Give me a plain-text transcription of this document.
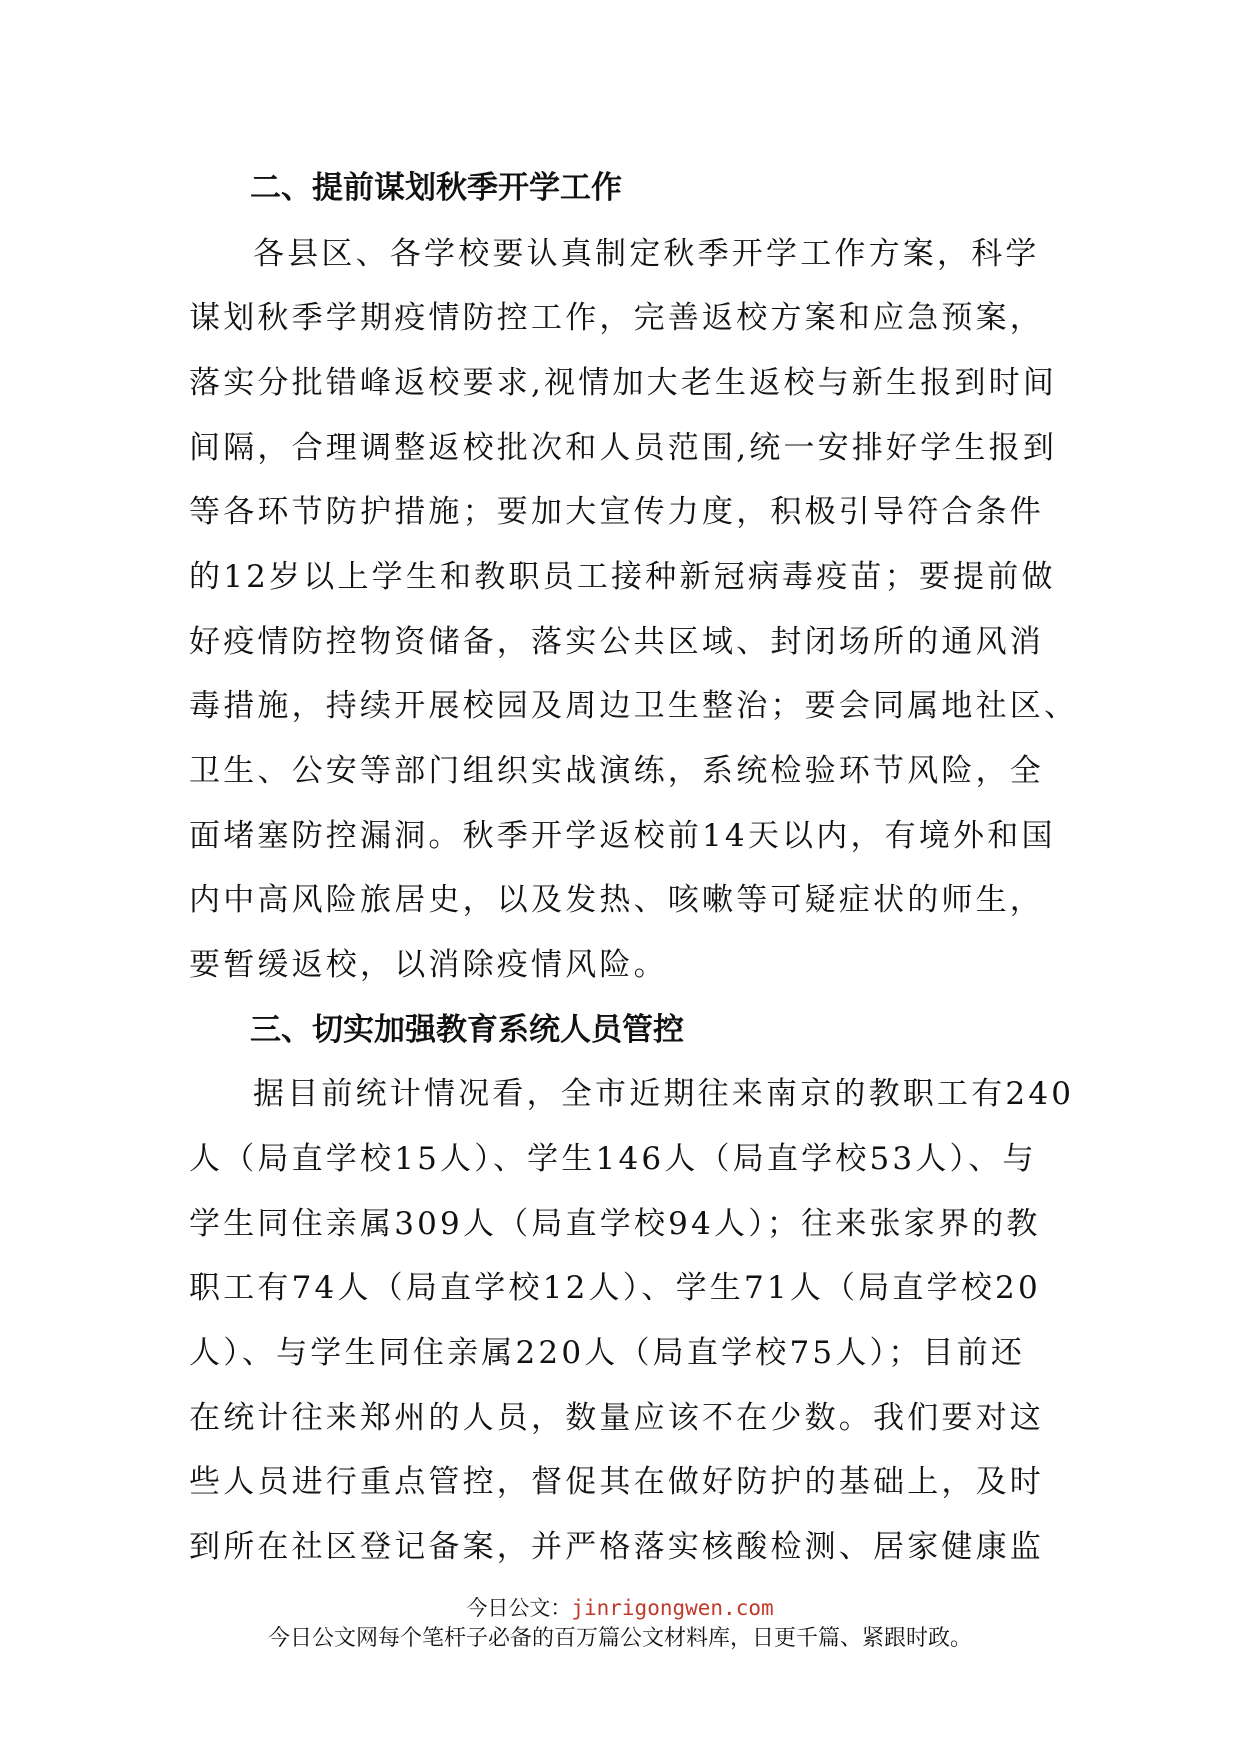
二、提前谋划秋季开学工作
各县区、各学校要认真制定秋季开学工作方案，科学
谋划秋季学期疫情防控工作，完善返校方案和应急预案，
落实分批错峰返校要求,视情加大老生返校与新生报到时间
间隔，合理调整返校批次和人员范围,统一安排好学生报到
等各环节防护措施；要加大宣传力度，积极引导符合条件
的12岁以上学生和教职员工接种新冠病毒疫苗；要提前做
好疫情防控物资储备，落实公共区域、封闭场所的通风消
毒措施，持续开展校园及周边卫生整治；要会同属地社区、
卫生、公安等部门组织实战演练，系统检验环节风险，全
面堵塞防控漏洞。秋季开学返校前14天以内，有境外和国
内中高风险旅居史，以及发热、咳嗽等可疑症状的师生，
要暂缓返校，以消除疫情风险。
三、切实加强教育系统人员管控
据目前统计情况看，全市近期往来南京的教职工有240
人（局直学校15人）、学生146人（局直学校53人）、与
学生同住亲属309人（局直学校94人）；往来张家界的教
职工有74人（局直学校12人）、学生71人（局直学校20
人）、与学生同住亲属220人（局直学校75人）；目前还
在统计往来郑州的人员，数量应该不在少数。我们要对这
些人员进行重点管控，督促其在做好防护的基础上，及时
到所在社区登记备案，并严格落实核酸检测、居家健康监
今日公文：jinrigongwen.com
今日公文网每个笔杆子必备的百万篇公文材料库，日更千篇、紧跟时政。
